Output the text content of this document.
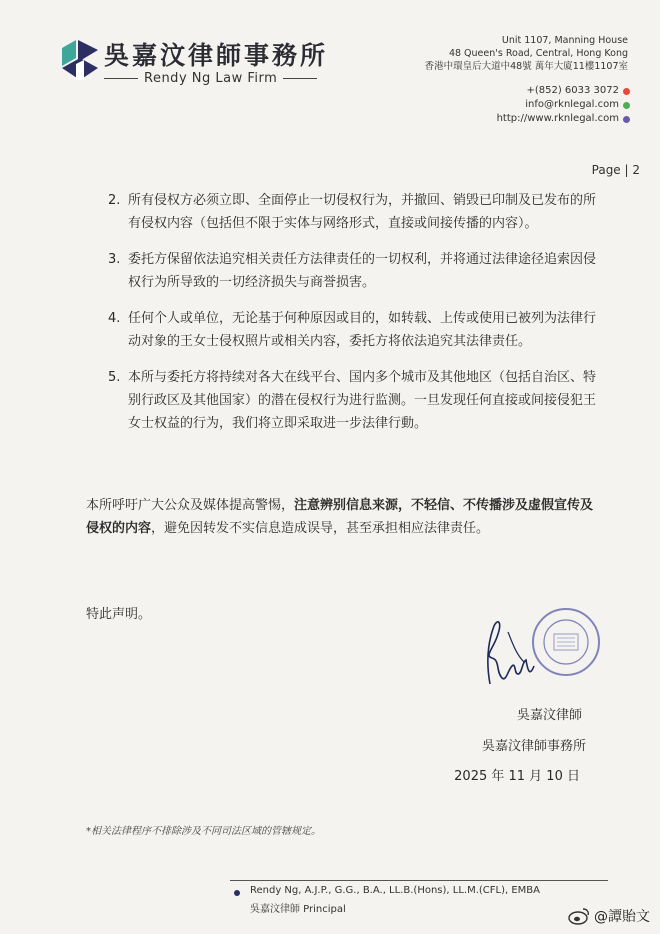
吳嘉汶律師事務所
Rendy Ng Law Firm
Unit 1107, Manning House
48 Queen's Road, Central, Hong Kong
香港中環皇后大道中48號 萬年大廈11樓1107室
+(852) 6033 3072
info@rknlegal.com
http://www.rknlegal.com
Page | 2
2. 所有侵权方必须立即、全面停止一切侵权行为，并撤回、销毁已印制及已发布的所有侵权内容（包括但不限于实体与网络形式，直接或间接传播的内容）。
3. 委托方保留依法追究相关责任方法律责任的一切权利，并将通过法律途径追索因侵权行为所导致的一切经济损失与商誉损害。
4. 任何个人或单位，无论基于何种原因或目的，如转载、上传或使用已被列为法律行动对象的王女士侵权照片或相关内容，委托方将依法追究其法律责任。
5. 本所与委托方将持续对各大在线平台、国内多个城市及其他地区（包括自治区、特别行政区及其他国家）的潜在侵权行为进行监测。一旦发现任何直接或间接侵犯王女士权益的行为，我们将立即采取进一步法律行動。
本所呼吁广大公众及媒体提高警惕，注意辨别信息来源，不轻信、不传播涉及虚假宣传及侵权的内容，避免因转发不实信息造成误导，甚至承担相应法律责任。
特此声明。
吳嘉汶律師
吳嘉汶律師事務所
2025 年 11 月 10 日
*相关法律程序不排除涉及不同司法区域的管辖规定。
Rendy Ng, A.J.P., G.G., B.A., LL.B.(Hons), LL.M.(CFL), EMBA
吳嘉汶律師 Principal	@譚貽文
